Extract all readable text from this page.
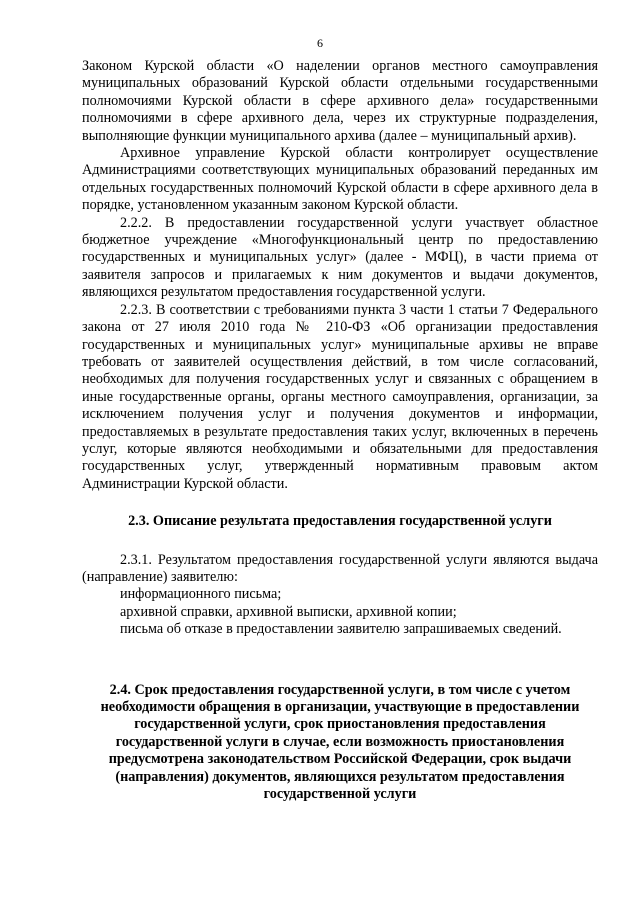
6

Законом Курской области «О наделении органов местного самоуправления муниципальных образований Курской области отдельными государственными полномочиями Курской области в сфере архивного дела» государственными полномочиями в сфере архивного дела, через их структурные подразделения, выполняющие функции муниципального архива (далее – муниципальный архив).

Архивное управление Курской области контролирует осуществление Администрациями соответствующих муниципальных образований переданных им отдельных государственных полномочий Курской области в сфере архивного дела в порядке, установленном указанным законом Курской области.

2.2.2. В предоставлении государственной услуги участвует областное бюджетное учреждение «Многофункциональный центр по предоставлению государственных и муниципальных услуг» (далее - МФЦ), в части приема от заявителя запросов и прилагаемых к ним документов и выдачи документов, являющихся результатом предоставления государственной услуги.

2.2.3. В соответствии с требованиями пункта 3 части 1 статьи 7 Федерального закона от 27 июля 2010 года № 210-ФЗ «Об организации предоставления государственных и муниципальных услуг» муниципальные архивы не вправе требовать от заявителей осуществления действий, в том числе согласований, необходимых для получения государственных услуг и связанных с обращением в иные государственные органы, органы местного самоуправления, организации, за исключением получения услуг и получения документов и информации, предоставляемых в результате предоставления таких услуг, включенных в перечень услуг, которые являются необходимыми и обязательными для предоставления государственных услуг, утвержденный нормативным правовым актом Администрации Курской области.

2.3. Описание результата предоставления государственной услуги

2.3.1. Результатом предоставления государственной услуги являются выдача (направление) заявителю:

информационного письма;

архивной справки, архивной выписки, архивной копии;

письма об отказе в предоставлении заявителю запрашиваемых сведений.

2.4. Срок предоставления государственной услуги, в том числе с учетом
необходимости обращения в организации, участвующие в предоставлении
государственной услуги, срок приостановления предоставления
государственной услуги в случае, если возможность приостановления
предусмотрена законодательством Российской Федерации, срок выдачи
(направления) документов, являющихся результатом предоставления
государственной услуги
